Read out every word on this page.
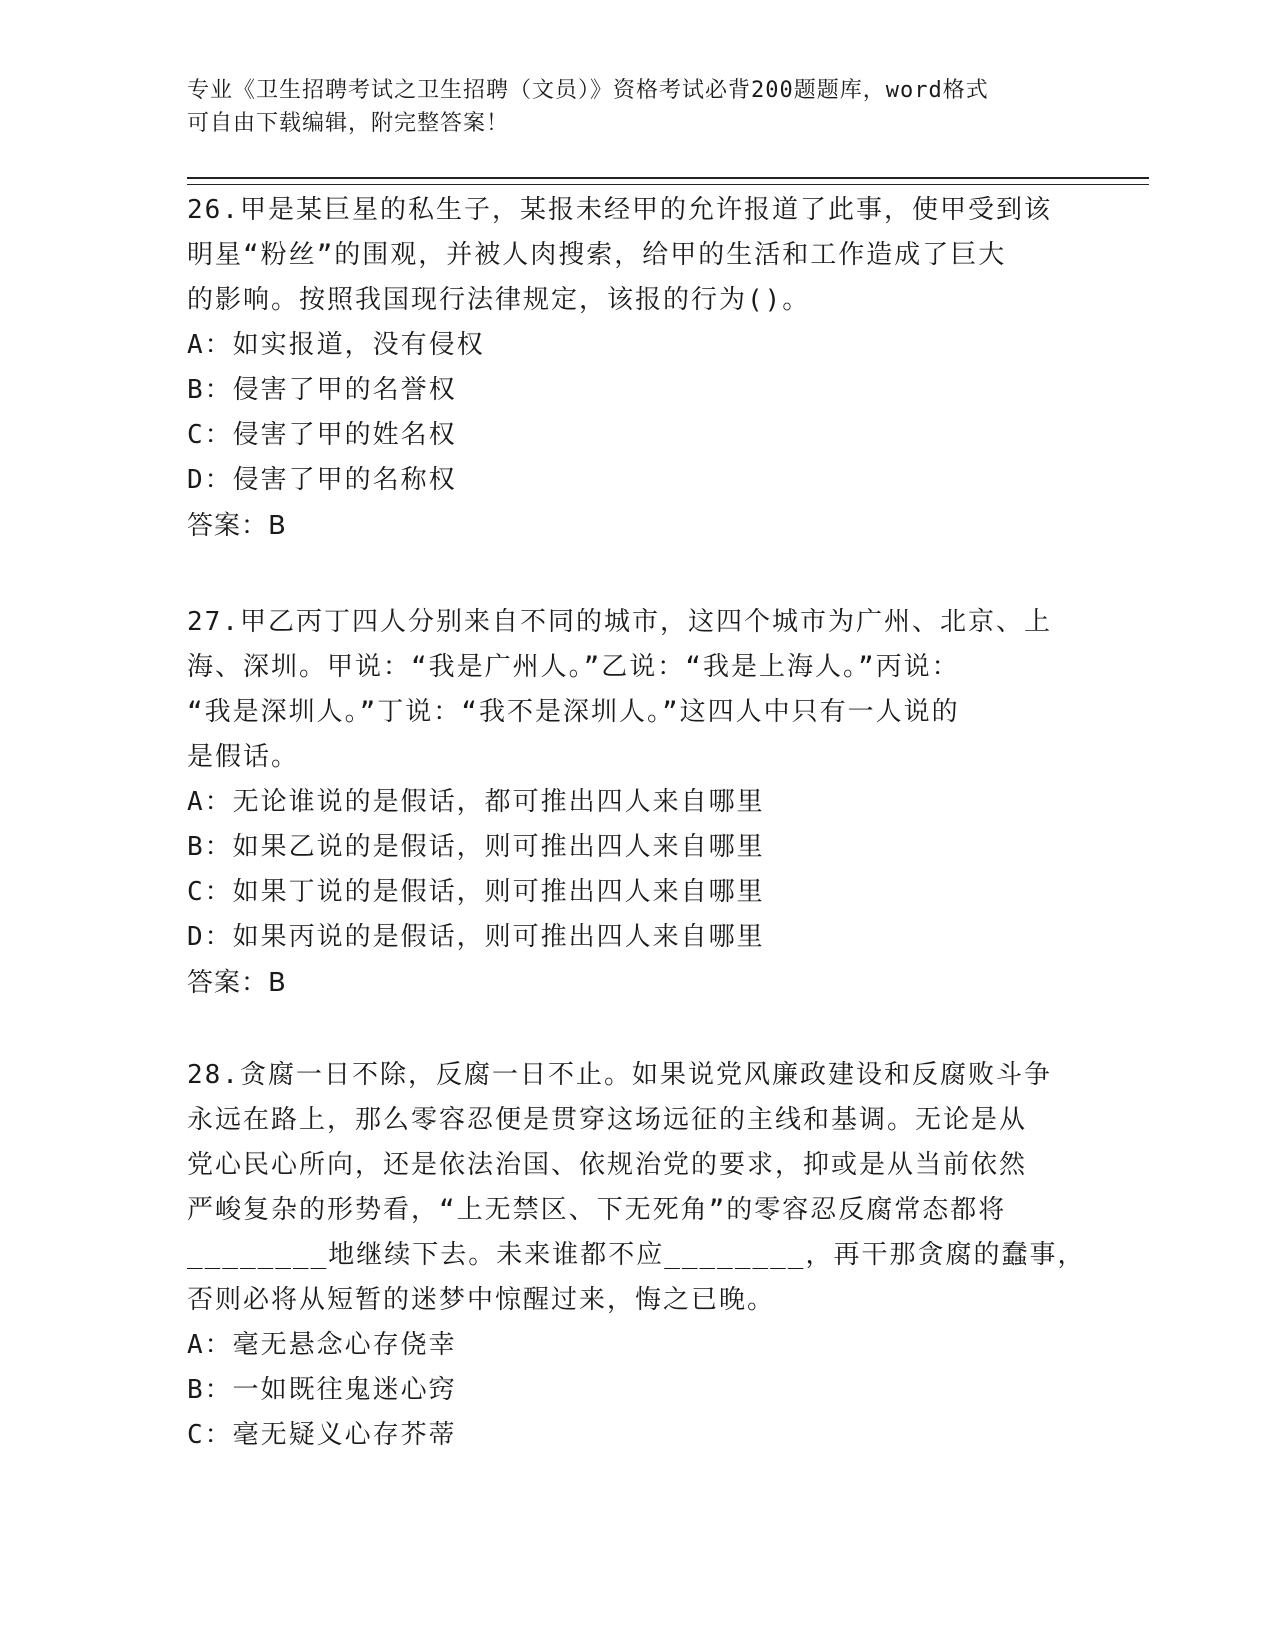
专业《卫生招聘考试之卫生招聘（文员）》资格考试必背200题题库，word格式
可自由下载编辑，附完整答案！

26.甲是某巨星的私生子，某报未经甲的允许报道了此事，使甲受到该

明星“粉丝”的围观，并被人肉搜索，给甲的生活和工作造成了巨大

的影响。按照我国现行法律规定，该报的行为()。

A：如实报道，没有侵权

B：侵害了甲的名誉权

C：侵害了甲的姓名权

D：侵害了甲的名称权

答案：B

27.甲乙丙丁四人分别来自不同的城市，这四个城市为广州、北京、上

海、深圳。甲说：“我是广州人。”乙说：“我是上海人。”丙说：

“我是深圳人。”丁说：“我不是深圳人。”这四人中只有一人说的

是假话。

A：无论谁说的是假话，都可推出四人来自哪里

B：如果乙说的是假话，则可推出四人来自哪里

C：如果丁说的是假话，则可推出四人来自哪里

D：如果丙说的是假话，则可推出四人来自哪里

答案：B

28.贪腐一日不除，反腐一日不止。如果说党风廉政建设和反腐败斗争

永远在路上，那么零容忍便是贯穿这场远征的主线和基调。无论是从

党心民心所向，还是依法治国、依规治党的要求，抑或是从当前依然

严峻复杂的形势看，“上无禁区、下无死角”的零容忍反腐常态都将

________地继续下去。未来谁都不应________，再干那贪腐的蠢事，

否则必将从短暂的迷梦中惊醒过来，悔之已晚。

A：毫无悬念心存侥幸

B：一如既往鬼迷心窍

C：毫无疑义心存芥蒂
